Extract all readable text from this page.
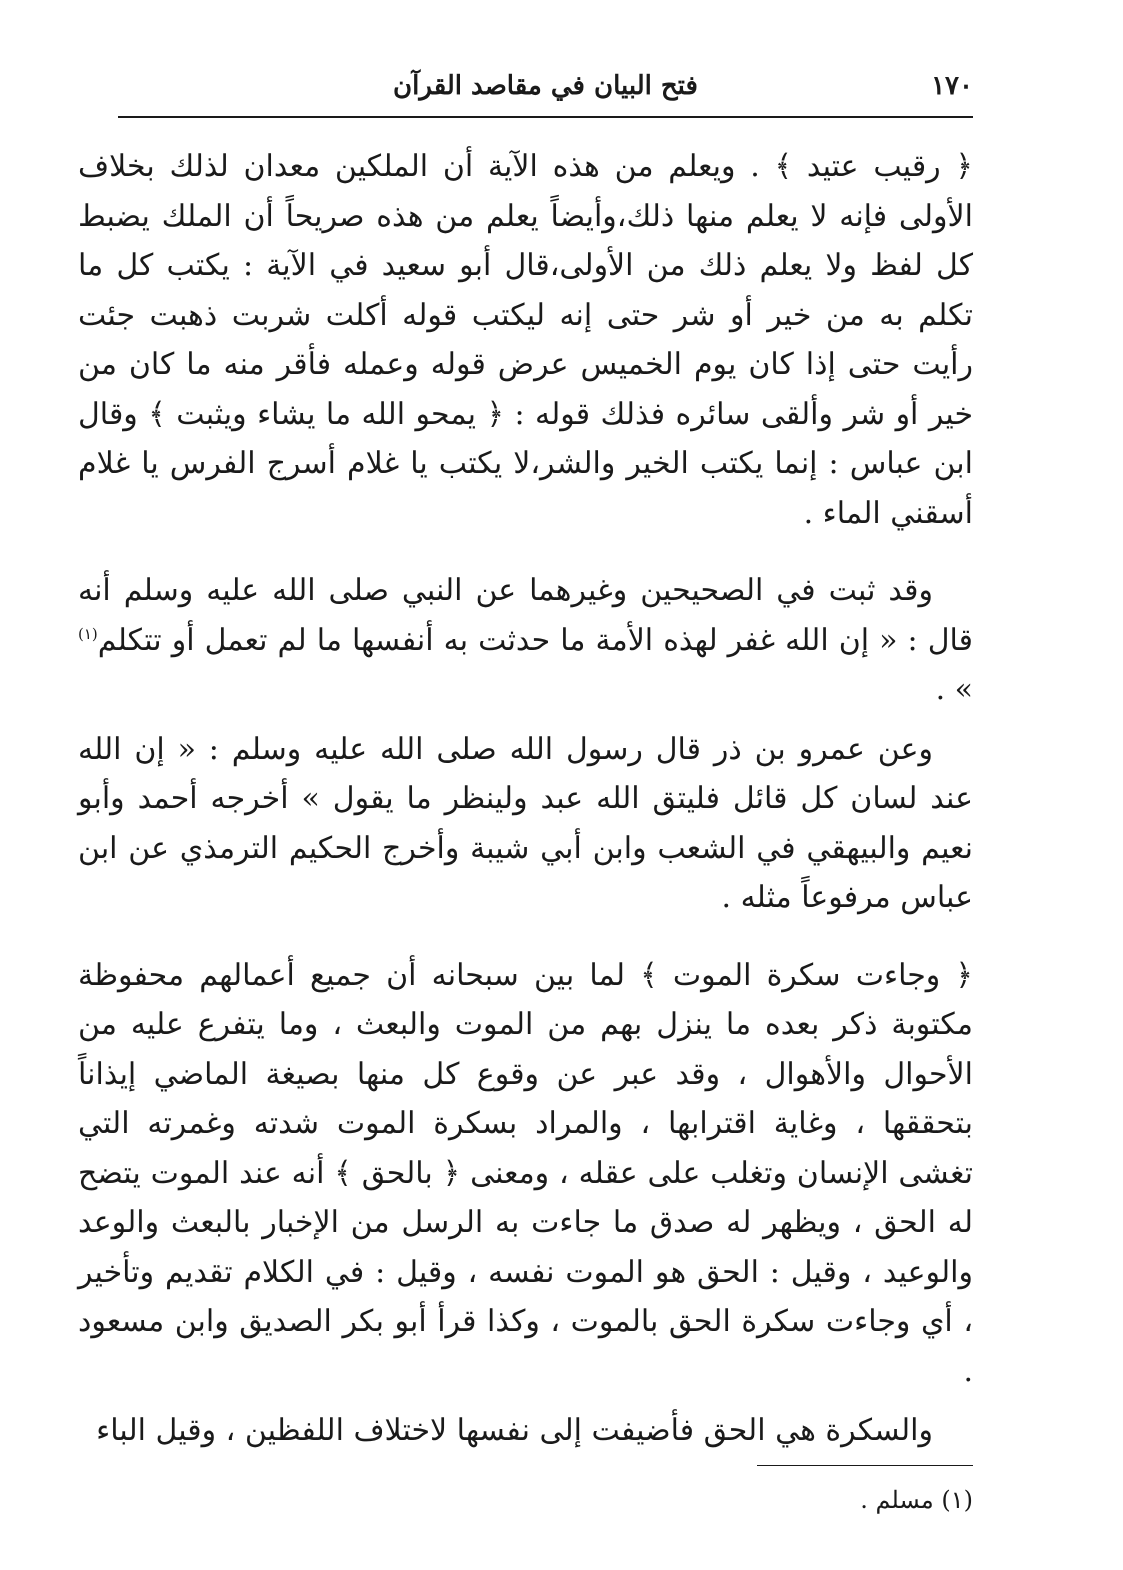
١٧٠
فتح البيان في مقاصد القرآن

﴿ رقيب عتيد ﴾ . ويعلم من هذه الآية أن الملكين معدان لذلك بخلاف الأولى فإنه لا يعلم منها ذلك،وأيضاً يعلم من هذه صريحاً أن الملك يضبط كل لفظ ولا يعلم ذلك من الأولى،قال أبو سعيد في الآية : يكتب كل ما تكلم به من خير أو شر حتى إنه ليكتب قوله أكلت شربت ذهبت جئت رأيت حتى إذا كان يوم الخميس عرض قوله وعمله فأقر منه ما كان من خير أو شر وألقى سائره فذلك قوله : ﴿ يمحو الله ما يشاء ويثبت ﴾ وقال ابن عباس : إنما يكتب الخير والشر،لا يكتب يا غلام أسرج الفرس يا غلام أسقني الماء .

وقد ثبت في الصحيحين وغيرهما عن النبي صلى الله عليه وسلم أنه قال : « إن الله غفر لهذه الأمة ما حدثت به أنفسها ما لم تعمل أو تتكلم$^{(١)}$ » .

وعن عمرو بن ذر قال رسول الله صلى الله عليه وسلم : « إن الله عند لسان كل قائل فليتق الله عبد ولينظر ما يقول » أخرجه أحمد وأبو نعيم والبيهقي في الشعب وابن أبي شيبة وأخرج الحكيم الترمذي عن ابن عباس مرفوعاً مثله .

﴿ وجاءت سكرة الموت ﴾ لما بين سبحانه أن جميع أعمالهم محفوظة مكتوبة ذكر بعده ما ينزل بهم من الموت والبعث ، وما يتفرع عليه من الأحوال والأهوال ، وقد عبر عن وقوع كل منها بصيغة الماضي إيذاناً بتحققها ، وغاية اقترابها ، والمراد بسكرة الموت شدته وغمرته التي تغشى الإنسان وتغلب على عقله ، ومعنى ﴿ بالحق ﴾ أنه عند الموت يتضح له الحق ، ويظهر له صدق ما جاءت به الرسل من الإخبار بالبعث والوعد والوعيد ، وقيل : الحق هو الموت نفسه ، وقيل : في الكلام تقديم وتأخير ، أي وجاءت سكرة الحق بالموت ، وكذا قرأ أبو بكر الصديق وابن مسعود .

والسكرة هي الحق فأضيفت إلى نفسها لاختلاف اللفظين ، وقيل الباء

(١) مسلم .
